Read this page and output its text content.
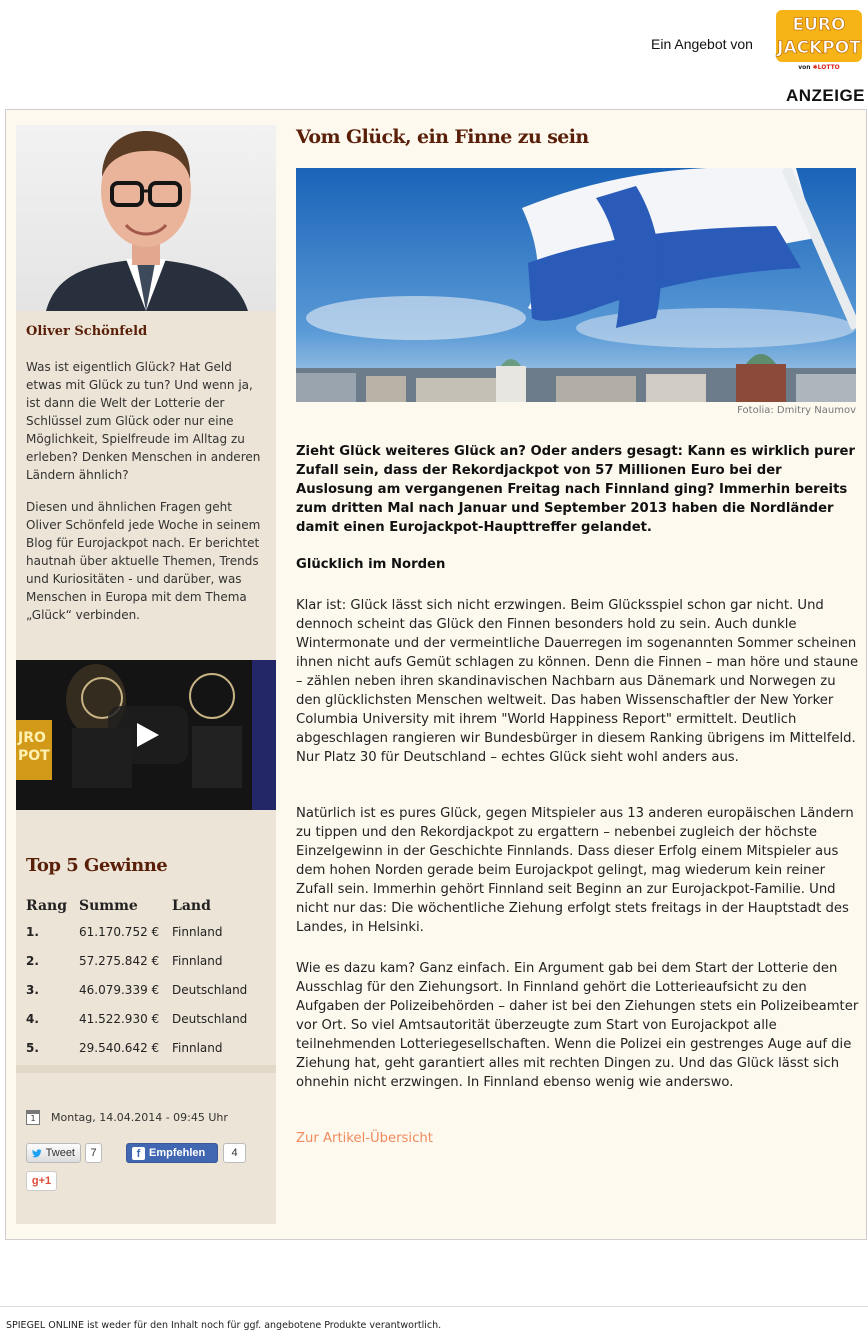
Ein Angebot von
EURO
JACKPOT
von ✱LOTTO
ANZEIGE
Oliver Schönfeld

Was ist eigentlich Glück? Hat Geld etwas mit Glück zu tun? Und wenn ja, ist dann die Welt der Lotterie der Schlüssel zum Glück oder nur eine Möglichkeit, Spielfreude im Alltag zu erleben? Denken Menschen in anderen Ländern ähnlich?

Diesen und ähnlichen Fragen geht Oliver Schönfeld jede Woche in seinem Blog für Eurojackpot nach. Er berichtet hautnah über aktuelle Themen, Trends und Kuriositäten - und darüber, was Menschen in Europa mit dem Thema „Glück“ verbinden.

JRO
POT
Top 5 Gewinne
Rang	Summe	Land
1.	61.170.752 €	Finnland
2.	57.275.842 €	Finnland
3.	46.079.339 €	Deutschland
4.	41.522.930 €	Deutschland
5.	29.540.642 €	Finnland
1	Montag, 14.04.2014 - 09:45 Uhr
Tweet	7	f Empfehlen	4
g+1
Vom Glück, ein Finne zu sein
Fotolia: Dmitry Naumov

Zieht Glück weiteres Glück an? Oder anders gesagt: Kann es wirklich purer Zufall sein, dass der Rekordjackpot von 57 Millionen Euro bei der Auslosung am vergangenen Freitag nach Finnland ging? Immerhin bereits zum dritten Mal nach Januar und September 2013 haben die Nordländer damit einen Eurojackpot-Haupttreffer gelandet.

Glücklich im Norden

Klar ist: Glück lässt sich nicht erzwingen. Beim Glücksspiel schon gar nicht. Und dennoch scheint das Glück den Finnen besonders hold zu sein. Auch dunkle Wintermonate und der vermeintliche Dauerregen im sogenannten Sommer scheinen ihnen nicht aufs Gemüt schlagen zu können. Denn die Finnen – man höre und staune – zählen neben ihren skandinavischen Nachbarn aus Dänemark und Norwegen zu den glücklichsten Menschen weltweit. Das haben Wissenschaftler der New Yorker Columbia University mit ihrem "World Happiness Report" ermittelt. Deutlich abgeschlagen rangieren wir Bundesbürger in diesem Ranking übrigens im Mittelfeld. Nur Platz 30 für Deutschland – echtes Glück sieht wohl anders aus.

Natürlich ist es pures Glück, gegen Mitspieler aus 13 anderen europäischen Ländern zu tippen und den Rekordjackpot zu ergattern – nebenbei zugleich der höchste Einzelgewinn in der Geschichte Finnlands. Dass dieser Erfolg einem Mitspieler aus dem hohen Norden gerade beim Eurojackpot gelingt, mag wiederum kein reiner Zufall sein. Immerhin gehört Finnland seit Beginn an zur Eurojackpot-Familie. Und nicht nur das: Die wöchentliche Ziehung erfolgt stets freitags in der Hauptstadt des Landes, in Helsinki.

Wie es dazu kam? Ganz einfach. Ein Argument gab bei dem Start der Lotterie den Ausschlag für den Ziehungsort. In Finnland gehört die Lotterieaufsicht zu den Aufgaben der Polizeibehörden – daher ist bei den Ziehungen stets ein Polizeibeamter vor Ort. So viel Amtsautorität überzeugte zum Start von Eurojackpot alle teilnehmenden Lotteriegesellschaften. Wenn die Polizei ein gestrenges Auge auf die Ziehung hat, geht garantiert alles mit rechten Dingen zu. Und das Glück lässt sich ohnehin nicht erzwingen. In Finnland ebenso wenig wie anderswo.

Zur Artikel-Übersicht
SPIEGEL ONLINE ist weder für den Inhalt noch für ggf. angebotene Produkte verantwortlich.
